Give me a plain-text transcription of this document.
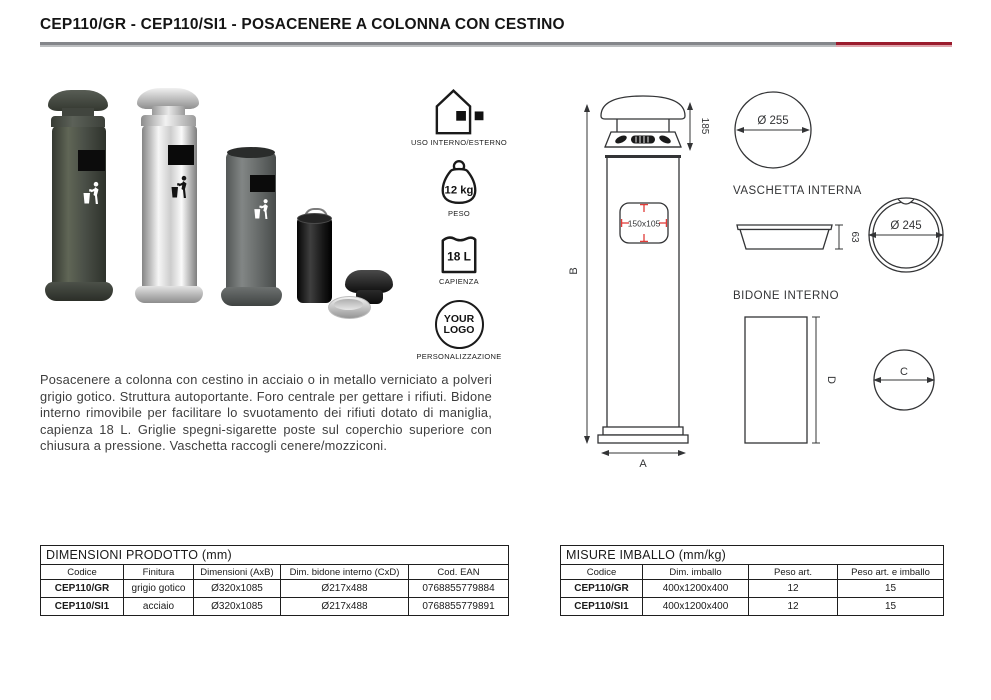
CEP110/GR - CEP110/SI1 - POSACENERE A COLONNA CON CESTINO
USO INTERNO/ESTERNO
12 kg
PESO
18 L
CAPIENZA
YOUR LOGO
PERSONALIZZAZIONE
B
A
185
150x105
Ø 255
VASCHETTA INTERNA
63
Ø 245
BIDONE INTERNO
D
C

Posacenere a colonna con cestino in acciaio o in metallo verniciato a polveri grigio gotico. Struttura autoportante. Foro centrale per gettare i rifiuti. Bidone interno rimovibile per facilitare lo svuotamento dei rifiuti dotato di maniglia, capienza 18 L. Griglie spegni-sigarette poste sul coperchio superiore con chiusura a pressione. Vaschetta raccogli cenere/mozziconi.

DIMENSIONI PRODOTTO (mm)				
Codice	Finitura	Dimensioni (AxB)	Dim. bidone interno (CxD)	Cod. EAN
CEP110/GR	grigio gotico	Ø320x1085	Ø217x488	0768855779884
CEP110/SI1	acciaio	Ø320x1085	Ø217x488	0768855779891
MISURE IMBALLO (mm/kg)			
Codice	Dim. imballo	Peso art.	Peso art. e imballo
CEP110/GR	400x1200x400	12	15
CEP110/SI1	400x1200x400	12	15
